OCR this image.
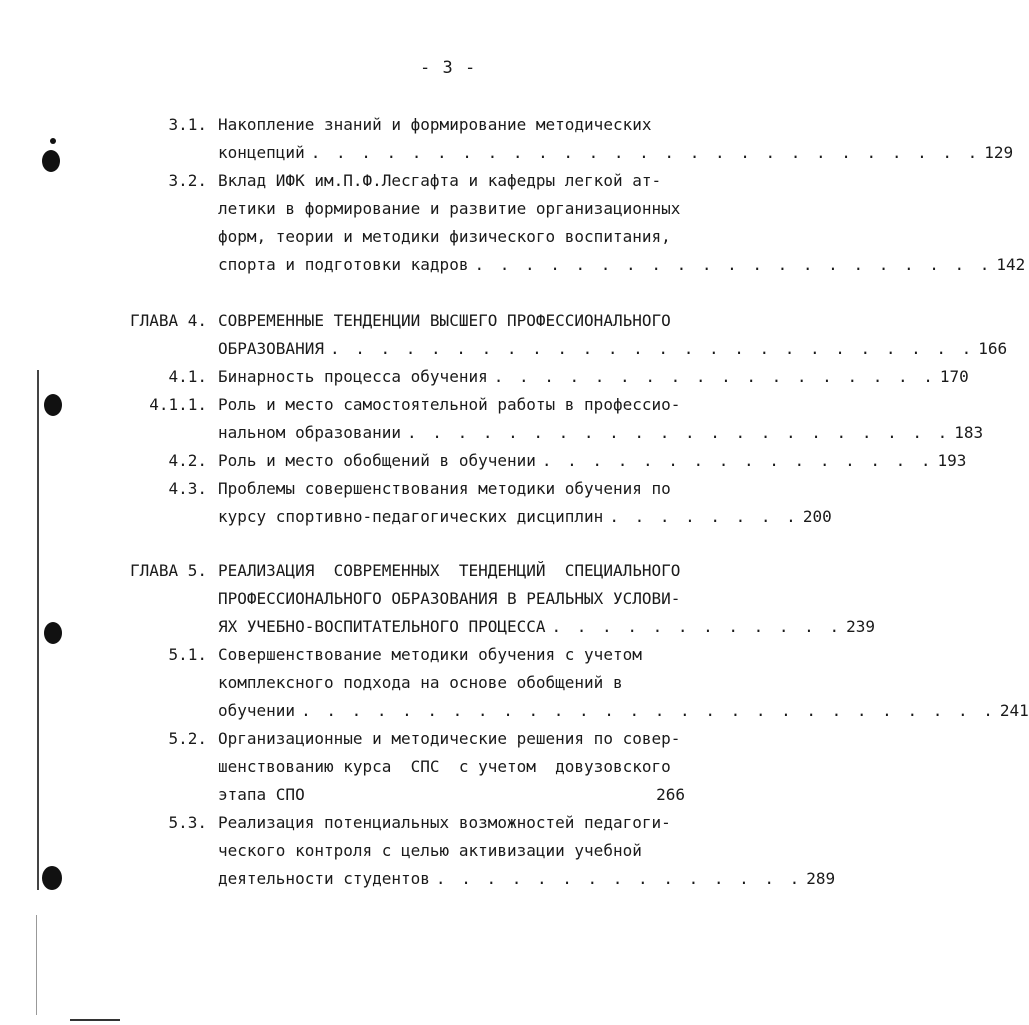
- 3 -
3.1. Накопление знаний и формирование методических
концепций . . . . . . . . . . . . . . . . . . . . . . . . . . . 129
3.2. Вклад ИФК им.П.Ф.Лесгафта и кафедры легкой ат-
летики в формирование и развитие организационных
форм, теории и методики физического воспитания,
спорта и подготовки кадров . . . . . . . . . . . . . . . . . . . . . 142
ГЛАВА 4. СОВРЕМЕННЫЕ ТЕНДЕНЦИИ ВЫСШЕГО ПРОФЕССИОНАЛЬНОГО
ОБРАЗОВАНИЯ . . . . . . . . . . . . . . . . . . . . . . . . . . 166
4.1. Бинарность процесса обучения . . . . . . . . . . . . . . . . . . 170
4.1.1. Роль и место самостоятельной работы в профессио-
нальном образовании . . . . . . . . . . . . . . . . . . . . . . 183
4.2. Роль и место обобщений в обучении . . . . . . . . . . . . . . . . 193
4.3. Проблемы совершенствования методики обучения по
курсу спортивно-педагогических дисциплин . . . . . . . . 200
ГЛАВА 5. РЕАЛИЗАЦИЯ  СОВРЕМЕННЫХ  ТЕНДЕНЦИЙ  СПЕЦИАЛЬНОГО
ПРОФЕССИОНАЛЬНОГО ОБРАЗОВАНИЯ В РЕАЛЬНЫХ УСЛОВИ-
ЯХ УЧЕБНО-ВОСПИТАТЕЛЬНОГО ПРОЦЕССА . . . . . . . . . . . . 239
5.1. Совершенствование методики обучения с учетом
комплексного подхода на основе обобщений в
обучении . . . . . . . . . . . . . . . . . . . . . . . . . . . . 241
5.2. Организационные и методические решения по совер-
шенствованию курса  СПС  с учетом  довузовского
этапа СПО	266
5.3. Реализация потенциальных возможностей педагоги-
ческого контроля с целью активизации учебной
деятельности студентов . . . . . . . . . . . . . . . 289
